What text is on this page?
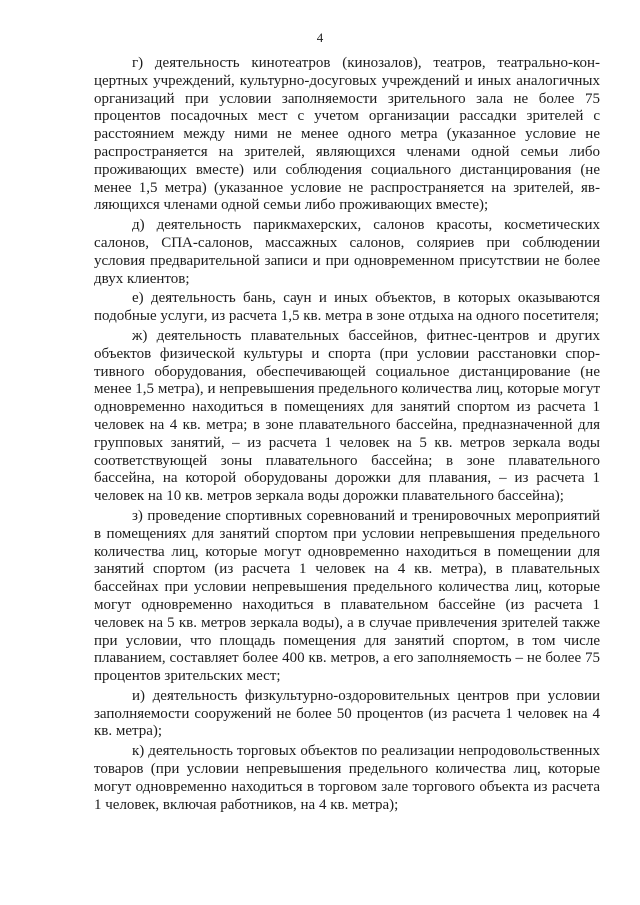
4

г) деятельность кинотеатров (кинозалов), театров, театрально-концертных учреждений, культурно-досуговых учреждений и иных аналогичных организаций при условии заполняемости зрительного зала не более 75 процентов посадочных мест с учетом организации рассадки зрителей с расстоянием между ними не менее одного метра (указанное условие не распространяется на зрителей, являющихся членами одной семьи либо проживающих вместе) или соблюдения социального дистанцирования (не менее 1,5 метра) (указанное условие не распространяется на зрителей, являющихся членами одной семьи либо проживающих вместе);

д) деятельность парикмахерских, салонов красоты, косметических салонов, СПА-салонов, массажных салонов, соляриев при соблюдении условия предварительной записи и при одновременном присутствии не более двух клиентов;

е) деятельность бань, саун и иных объектов, в которых оказываются подобные услуги, из расчета 1,5 кв. метра в зоне отдыха на одного посетителя;

ж) деятельность плавательных бассейнов, фитнес-центров и других объектов физической культуры и спорта (при условии расстановки спортивного оборудования, обеспечивающей социальное дистанцирование (не менее 1,5 метра), и непревышения предельного количества лиц, которые могут одновременно находиться в помещениях для занятий спортом из расчета 1 человек на 4 кв. метра; в зоне плавательного бассейна, предназначенной для групповых занятий, – из расчета 1 человек на 5 кв. метров зеркала воды соответствующей зоны плавательного бассейна; в зоне плавательного бассейна, на которой оборудованы дорожки для плавания, – из расчета 1 человек на 10 кв. метров зеркала воды дорожки плавательного бассейна);

з) проведение спортивных соревнований и тренировочных мероприятий в помещениях для занятий спортом при условии непревышения предельного количества лиц, которые могут одновременно находиться в помещении для занятий спортом (из расчета 1 человек на 4 кв. метра), в плавательных бассейнах при условии непревышения предельного количества лиц, которые могут одновременно находиться в плавательном бассейне (из расчета 1 человек на 5 кв. метров зеркала воды), а в случае привлечения зрителей также при условии, что площадь помещения для занятий спортом, в том числе плаванием, составляет более 400 кв. метров, а его заполняемость – не более 75 процентов зрительских мест;

и) деятельность физкультурно-оздоровительных центров при условии заполняемости сооружений не более 50 процентов (из расчета 1 человек на 4 кв. метра);

к) деятельность торговых объектов по реализации непродовольственных товаров (при условии непревышения предельного количества лиц, которые могут одновременно находиться в торговом зале торгового объекта из расчета 1 человек, включая работников, на 4 кв. метра);
